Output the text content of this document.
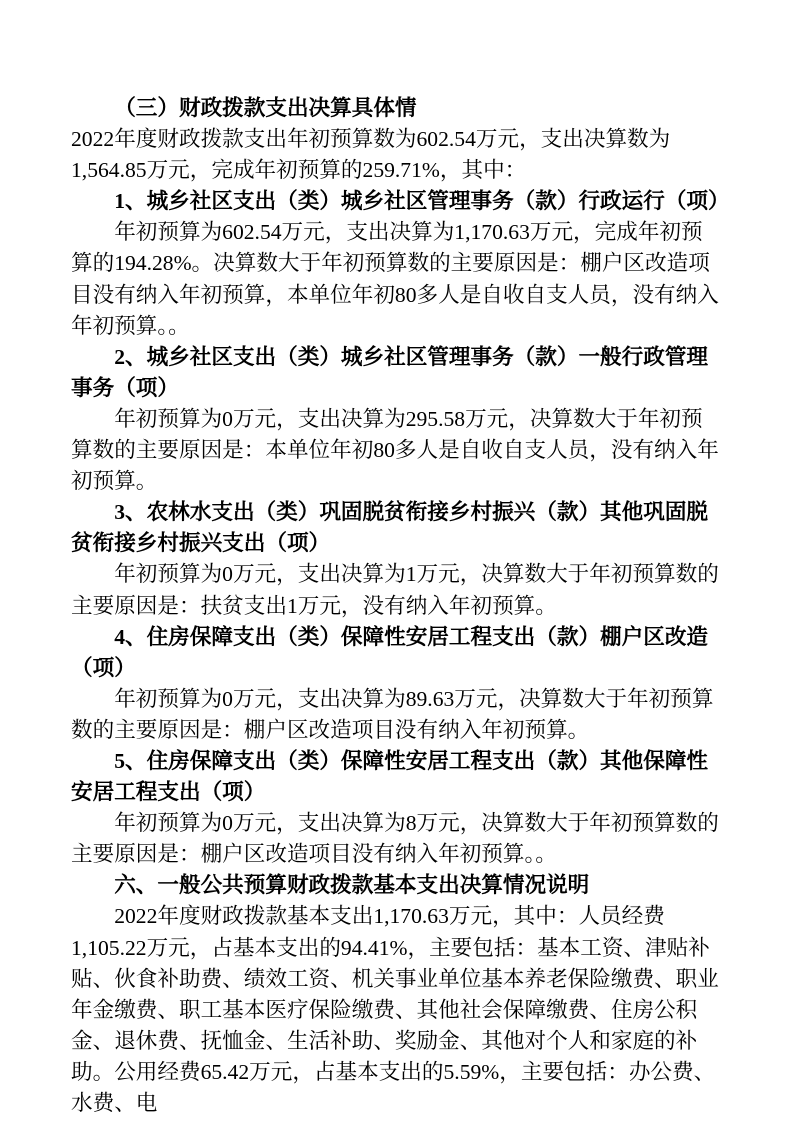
（三）财政拨款支出决算具体情

2022年度财政拨款支出年初预算数为602.54万元，支出决算数为1,564.85万元，完成年初预算的259.71%，其中：

1、城乡社区支出（类）城乡社区管理事务（款）行政运行（项）

年初预算为602.54万元，支出决算为1,170.63万元，完成年初预算的194.28%。决算数大于年初预算数的主要原因是：棚户区改造项目没有纳入年初预算，本单位年初80多人是自收自支人员，没有纳入年初预算。。

2、城乡社区支出（类）城乡社区管理事务（款）一般行政管理事务（项）

年初预算为0万元，支出决算为295.58万元，决算数大于年初预算数的主要原因是：本单位年初80多人是自收自支人员，没有纳入年初预算。

3、农林水支出（类）巩固脱贫衔接乡村振兴（款）其他巩固脱贫衔接乡村振兴支出（项）

年初预算为0万元，支出决算为1万元，决算数大于年初预算数的主要原因是：扶贫支出1万元，没有纳入年初预算。

4、住房保障支出（类）保障性安居工程支出（款）棚户区改造（项）

年初预算为0万元，支出决算为89.63万元，决算数大于年初预算数的主要原因是：棚户区改造项目没有纳入年初预算。

5、住房保障支出（类）保障性安居工程支出（款）其他保障性安居工程支出（项）

年初预算为0万元，支出决算为8万元，决算数大于年初预算数的主要原因是：棚户区改造项目没有纳入年初预算。。

六、一般公共预算财政拨款基本支出决算情况说明

2022年度财政拨款基本支出1,170.63万元，其中：人员经费1,105.22万元，占基本支出的94.41%，主要包括：基本工资、津贴补贴、伙食补助费、绩效工资、机关事业单位基本养老保险缴费、职业年金缴费、职工基本医疗保险缴费、其他社会保障缴费、住房公积金、退休费、抚恤金、生活补助、奖励金、其他对个人和家庭的补助。公用经费65.42万元，占基本支出的5.59%，主要包括：办公费、水费、电
